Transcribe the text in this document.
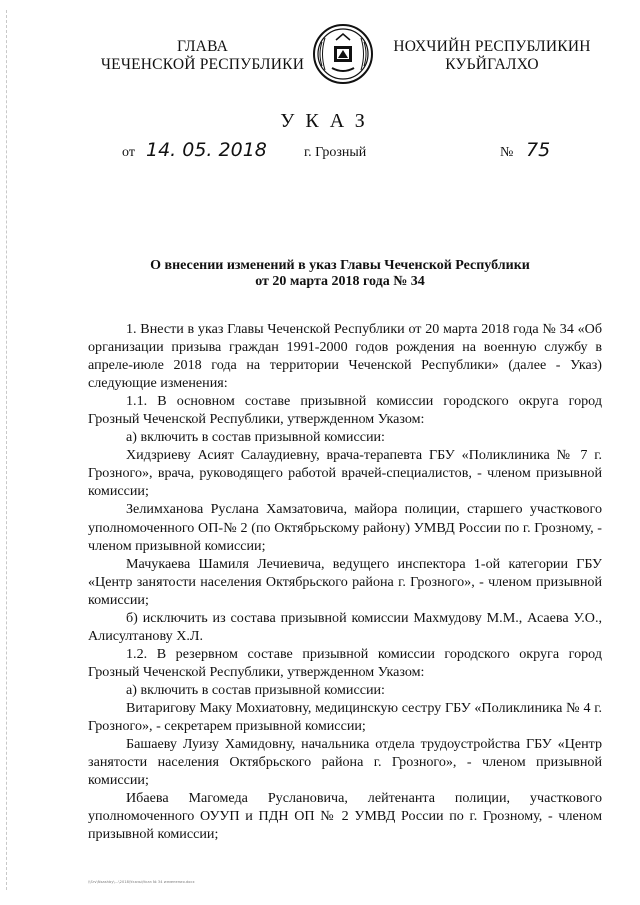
ГЛАВА
ЧЕЧЕНСКОЙ РЕСПУБЛИКИ
НОХЧИЙН РЕСПУБЛИКИН
КУЬЙГАЛХО
УКАЗ
от 14. 05. 2018	г. Грозный	№ 75
О внесении изменений в указ Главы Чеченской Республики
от 20 марта 2018 года № 34

1. Внести в указ Главы Чеченской Республики от 20 марта 2018 года № 34 «Об организации призыва граждан 1991-2000 годов рождения на военную службу в апреле-июле 2018 года на территории Чеченской Республики» (далее - Указ) следующие изменения:

1.1. В основном составе призывной комиссии городского округа город Грозный Чеченской Республики, утвержденном Указом:

а) включить в состав призывной комиссии:

Хидзриеву Асият Салаудиевну, врача-терапевта ГБУ «Поликлиника № 7 г. Грозного», врача, руководящего работой врачей-специалистов, - членом призывной комиссии;

Зелимханова Руслана Хамзатовича, майора полиции, старшего участкового уполномоченного ОП-№ 2 (по Октябрьскому району) УМВД России по г. Грозному, - членом призывной комиссии;

Мачукаева Шамиля Лечиевича, ведущего инспектора 1-ой категории ГБУ «Центр занятости населения Октябрьского района г. Грозного», - членом призывной комиссии;

б) исключить из состава призывной комиссии Махмудову М.М., Асаева У.О., Алисултанову Х.Л.

1.2. В резервном составе призывной комиссии городского округа город Грозный Чеченской Республики, утвержденном Указом:

а) включить в состав призывной комиссии:

Витаригову Маку Мохиатовну, медицинскую сестру ГБУ «Поликлиника № 4 г. Грозного», - секретарем призывной комиссии;

Башаеву Луизу Хамидовну, начальника отдела трудоустройства ГБУ «Центр занятости населения Октябрьского района г. Грозного», - членом призывной комиссии;

Ибаева Магомеда Руслановича, лейтенанта полиции, участкового уполномоченного ОУУП и ПДН ОП № 2 УМВД России по г. Грозному, - членом призывной комиссии;

\\Srv\Nsashby\...\2018\Указы\Указ № 34 изменения.docx
